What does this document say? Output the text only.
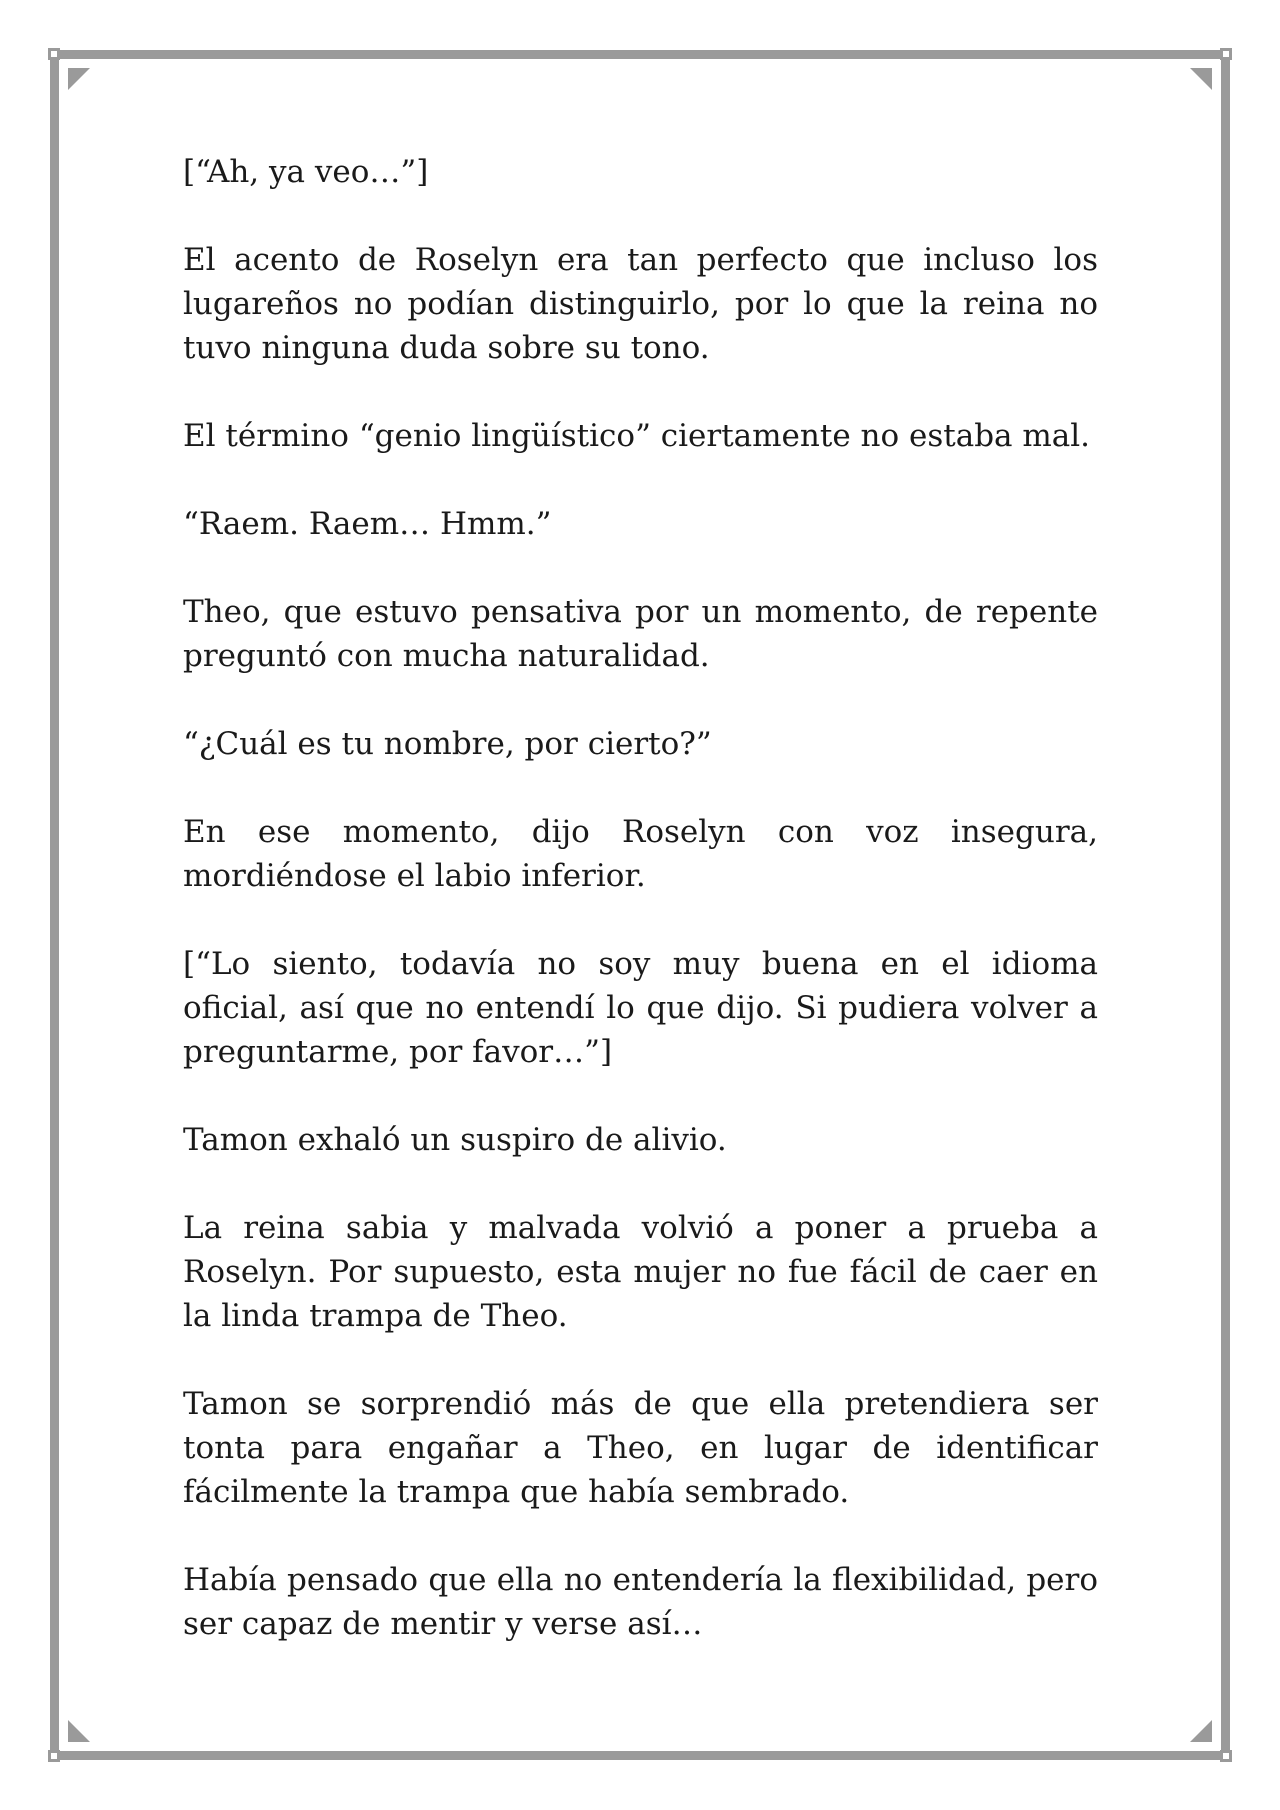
[“Ah, ya veo…”]

El acento de Roselyn era tan perfecto que incluso los lugareños no podían distinguirlo, por lo que la reina no tuvo ninguna duda sobre su tono.

El término “genio lingüístico” ciertamente no estaba mal.

“Raem. Raem… Hmm.”

Theo, que estuvo pensativa por un momento, de repente preguntó con mucha naturalidad.

“¿Cuál es tu nombre, por cierto?”

En ese momento, dijo Roselyn con voz insegura, mordiéndose el labio inferior.

[“Lo siento, todavía no soy muy buena en el idioma oficial, así que no entendí lo que dijo. Si pudiera volver a preguntarme, por favor…”]

Tamon exhaló un suspiro de alivio.

La reina sabia y malvada volvió a poner a prueba a Roselyn. Por supuesto, esta mujer no fue fácil de caer en la linda trampa de Theo.

Tamon se sorprendió más de que ella pretendiera ser tonta para engañar a Theo, en lugar de identificar fácilmente la trampa que había sembrado.

Había pensado que ella no entendería la flexibilidad, pero ser capaz de mentir y verse así…
